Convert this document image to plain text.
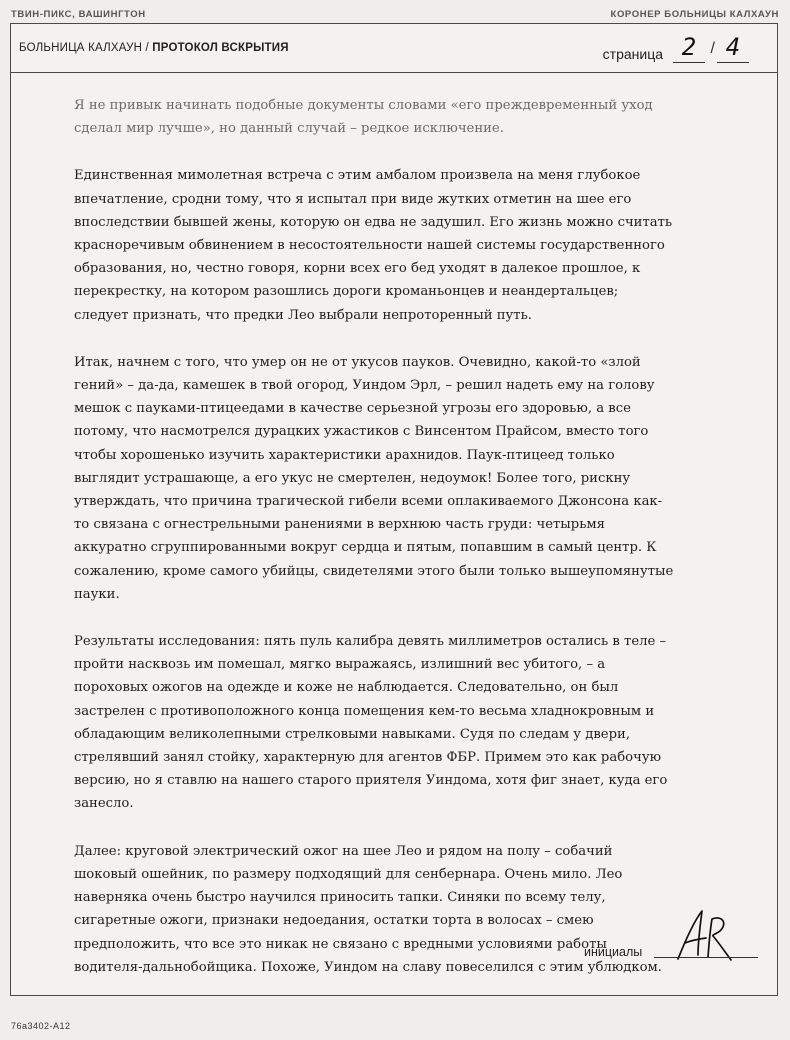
ТВИН-ПИКС, ВАШИНГТОН	КОРОНЕР БОЛЬНИЦЫ КАЛХАУН
БОЛЬНИЦА КАЛХАУН / ПРОТОКОЛ ВСКРЫТИЯ	страница 2 / 4

Я не привык начинать подобные документы словами «его преждевременный уход сделал мир лучше», но данный случай – редкое исключение.

Единственная мимолетная встреча с этим амбалом произвела на меня глубокое впечатление, сродни тому, что я испытал при виде жутких отметин на шее его впоследствии бывшей жены, которую он едва не задушил. Его жизнь можно считать красноречивым обвинением в несостоятельности нашей системы государственного образования, но, честно говоря, корни всех его бед уходят в далекое прошлое, к перекрестку, на котором разошлись дороги кроманьонцев и неандертальцев; следует признать, что предки Лео выбрали непроторенный путь.

Итак, начнем с того, что умер он не от укусов пауков. Очевидно, какой-то «злой гений» – да-да, камешек в твой огород, Уиндом Эрл, – решил надеть ему на голову мешок с пауками-птицеедами в качестве серьезной угрозы его здоровью, а все потому, что насмотрелся дурацких ужастиков с Винсентом Прайсом, вместо того чтобы хорошенько изучить характеристики арахнидов. Паук-птицеед только выглядит устрашающе, а его укус не смертелен, недоумок! Более того, рискну утверждать, что причина трагической гибели всеми оплакиваемого Джонсона как-то связана с огнестрельными ранениями в верхнюю часть груди: четырьмя аккуратно сгруппированными вокруг сердца и пятым, попавшим в самый центр. К сожалению, кроме самого убийцы, свидетелями этого были только вышеупомянутые пауки.

Результаты исследования: пять пуль калибра девять миллиметров остались в теле – пройти насквозь им помешал, мягко выражаясь, излишний вес убитого, – а пороховых ожогов на одежде и коже не наблюдается. Следовательно, он был застрелен с противоположного конца помещения кем-то весьма хладнокровным и обладающим великолепными стрелковыми навыками. Судя по следам у двери, стрелявший занял стойку, характерную для агентов ФБР. Примем это как рабочую версию, но я ставлю на нашего старого приятеля Уиндома, хотя фиг знает, куда его занесло.

Далее: круговой электрический ожог на шее Лео и рядом на полу – собачий шоковый ошейник, по размеру подходящий для сенбернара. Очень мило. Лео наверняка очень быстро научился приносить тапки. Синяки по всему телу, сигаретные ожоги, признаки недоедания, остатки торта в волосах – смею предположить, что все это никак не связано с вредными условиями работы водителя-дальнобойщика. Похоже, Уиндом на славу повеселился с этим ублюдком.

инициалы
76a3402-A12
